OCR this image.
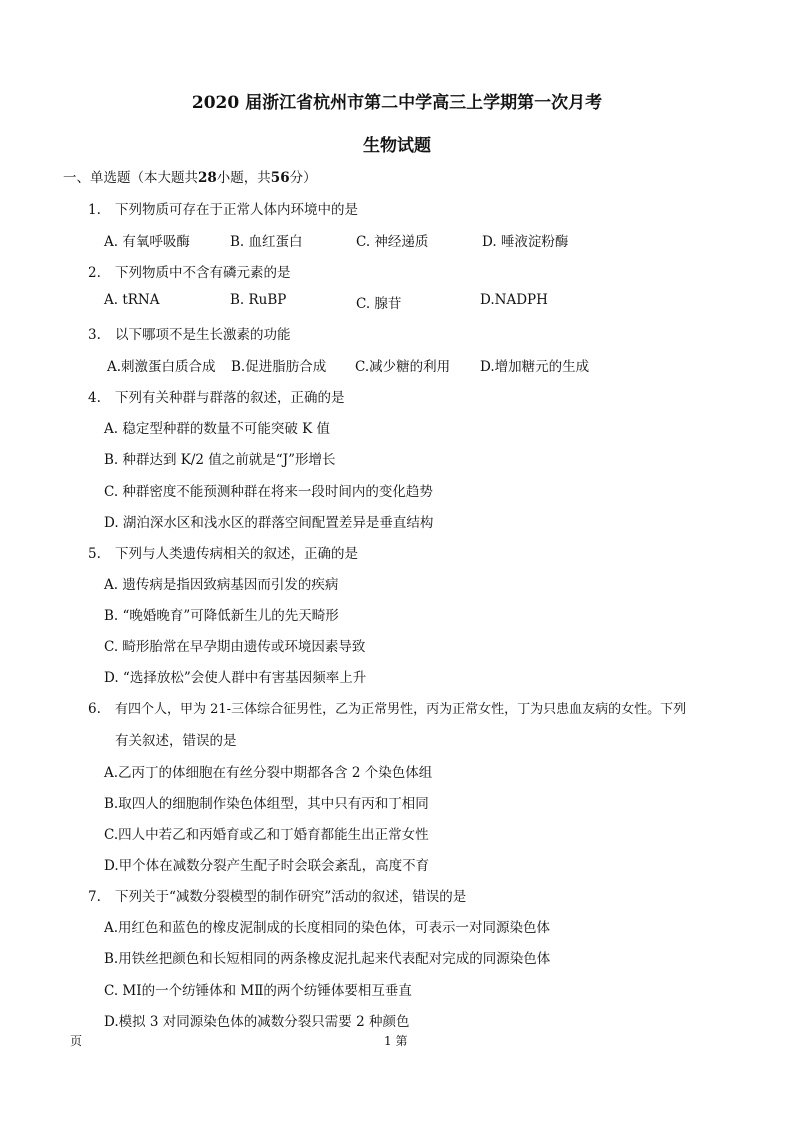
2020 届浙江省杭州市第二中学高三上学期第一次月考
生物试题
一、单选题（本大题共28小题，共56分）
1. 下列物质可存在于正常人体内环境中的是
A. 有氧呼吸酶	B. 血红蛋白	C. 神经递质	D. 唾液淀粉酶
2. 下列物质中不含有磷元素的是
A. tRNA	B. RuBP	C. 腺苷	D.NADPH
3. 以下哪项不是生长激素的功能
A.刺激蛋白质合成 B.促进脂肪合成 C.减少糖的利用 D.增加糖元的生成
4. 下列有关种群与群落的叙述，正确的是
A. 稳定型种群的数量不可能突破 K 值
B. 种群达到 K/2 值之前就是“J”形增长
C. 种群密度不能预测种群在将来一段时间内的变化趋势
D. 湖泊深水区和浅水区的群落空间配置差异是垂直结构
5. 下列与人类遗传病相关的叙述，正确的是
A. 遗传病是指因致病基因而引发的疾病
B. “晚婚晚育”可降低新生儿的先天畸形
C. 畸形胎常在早孕期由遗传或环境因素导致
D. “选择放松”会使人群中有害基因频率上升
6. 有四个人，甲为 21-三体综合征男性，乙为正常男性，丙为正常女性，丁为只患血友病的女性。下列
有关叙述，错误的是
A.乙丙丁的体细胞在有丝分裂中期都各含 2 个染色体组
B.取四人的细胞制作染色体组型，其中只有丙和丁相同
C.四人中若乙和丙婚育或乙和丁婚育都能生出正常女性
D.甲个体在减数分裂产生配子时会联会紊乱，高度不育
7. 下列关于“减数分裂模型的制作研究”活动的叙述，错误的是
A.用红色和蓝色的橡皮泥制成的长度相同的染色体，可表示一对同源染色体
B.用铁丝把颜色和长短相同的两条橡皮泥扎起来代表配对完成的同源染色体
C. MⅠ的一个纺锤体和 MⅡ的两个纺锤体要相互垂直
D.模拟 3 对同源染色体的减数分裂只需要 2 种颜色
页	1 第
